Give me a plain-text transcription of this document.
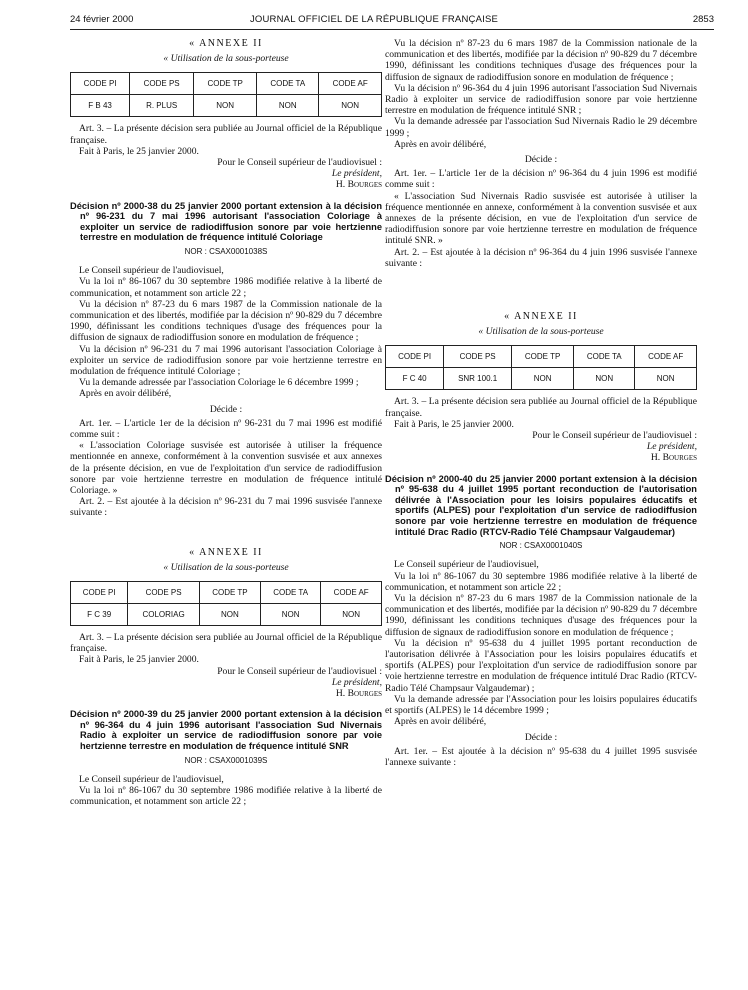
24 février 2000	JOURNAL OFFICIEL DE LA RÉPUBLIQUE FRANÇAISE	2853
« ANNEXE II
« Utilisation de la sous-porteuse
CODE PI	CODE PS	CODE TP	CODE TA	CODE AF
F B 43	R. PLUS	NON	NON	NON

Art. 3. – La présente décision sera publiée au Journal officiel de la République française.

Fait à Paris, le 25 janvier 2000.

Pour le Conseil supérieur de l'audiovisuel :
Le président,
H. Bourges
Décision nº 2000-38 du 25 janvier 2000 portant extension à la décision nº 96-231 du 7 mai 1996 autorisant l'association Coloriage à exploiter un service de radiodiffusion sonore par voie hertzienne terrestre en modulation de fréquence intitulé Coloriage
NOR : CSAX0001038S

Le Conseil supérieur de l'audiovisuel,

Vu la loi nº 86-1067 du 30 septembre 1986 modifiée relative à la liberté de communication, et notamment son article 22 ;

Vu la décision nº 87-23 du 6 mars 1987 de la Commission nationale de la communication et des libertés, modifiée par la décision nº 90-829 du 7 décembre 1990, définissant les conditions techniques d'usage des fréquences pour la diffusion de signaux de radiodiffusion sonore en modulation de fréquence ;

Vu la décision nº 96-231 du 7 mai 1996 autorisant l'association Coloriage à exploiter un service de radiodiffusion sonore par voie hertzienne terrestre en modulation de fréquence intitulé Coloriage ;

Vu la demande adressée par l'association Coloriage le 6 décembre 1999 ;

Après en avoir délibéré,

Décide :

Art. 1er. – L'article 1er de la décision nº 96-231 du 7 mai 1996 est modifié comme suit :

« L'association Coloriage susvisée est autorisée à utiliser la fréquence mentionnée en annexe, conformément à la convention susvisée et aux annexes de la présente décision, en vue de l'exploitation d'un service de radiodiffusion sonore par voie hertzienne terrestre en modulation de fréquence intitulé Coloriage. »

Art. 2. – Est ajoutée à la décision nº 96-231 du 7 mai 1996 susvisée l'annexe suivante :

« ANNEXE II
« Utilisation de la sous-porteuse
CODE PI	CODE PS	CODE TP	CODE TA	CODE AF
F C 39	COLORIAG	NON	NON	NON

Art. 3. – La présente décision sera publiée au Journal officiel de la République française.

Fait à Paris, le 25 janvier 2000.

Pour le Conseil supérieur de l'audiovisuel :
Le président,
H. Bourges
Décision nº 2000-39 du 25 janvier 2000 portant extension à la décision nº 96-364 du 4 juin 1996 autorisant l'association Sud Nivernais Radio à exploiter un service de radiodiffusion sonore par voie hertzienne terrestre en modulation de fréquence intitulé SNR
NOR : CSAX0001039S

Le Conseil supérieur de l'audiovisuel,

Vu la loi nº 86-1067 du 30 septembre 1986 modifiée relative à la liberté de communication, et notamment son article 22 ;

Vu la décision nº 87-23 du 6 mars 1987 de la Commission nationale de la communication et des libertés, modifiée par la décision nº 90-829 du 7 décembre 1990, définissant les conditions techniques d'usage des fréquences pour la diffusion de signaux de radiodiffusion sonore en modulation de fréquence ;

Vu la décision nº 96-364 du 4 juin 1996 autorisant l'association Sud Nivernais Radio à exploiter un service de radiodiffusion sonore par voie hertzienne terrestre en modulation de fréquence intitulé SNR ;

Vu la demande adressée par l'association Sud Nivernais Radio le 29 décembre 1999 ;

Après en avoir délibéré,

Décide :

Art. 1er. – L'article 1er de la décision nº 96-364 du 4 juin 1996 est modifié comme suit :

« L'association Sud Nivernais Radio susvisée est autorisée à utiliser la fréquence mentionnée en annexe, conformément à la convention susvisée et aux annexes de la présente décision, en vue de l'exploitation d'un service de radiodiffusion sonore par voie hertzienne terrestre en modulation de fréquence intitulé SNR. »

Art. 2. – Est ajoutée à la décision nº 96-364 du 4 juin 1996 susvisée l'annexe suivante :

« ANNEXE II
« Utilisation de la sous-porteuse
CODE PI	CODE PS	CODE TP	CODE TA	CODE AF
F C 40	SNR 100.1	NON	NON	NON

Art. 3. – La présente décision sera publiée au Journal officiel de la République française.

Fait à Paris, le 25 janvier 2000.

Pour le Conseil supérieur de l'audiovisuel :
Le président,
H. Bourges
Décision nº 2000-40 du 25 janvier 2000 portant extension à la décision nº 95-638 du 4 juillet 1995 portant reconduction de l'autorisation délivrée à l'Association pour les loisirs populaires éducatifs et sportifs (ALPES) pour l'exploitation d'un service de radiodiffusion sonore par voie hertzienne terrestre en modulation de fréquence intitulé Drac Radio (RTCV-Radio Télé Champsaur Valgaudemar)
NOR : CSAX0001040S

Le Conseil supérieur de l'audiovisuel,

Vu la loi nº 86-1067 du 30 septembre 1986 modifiée relative à la liberté de communication, et notamment son article 22 ;

Vu la décision nº 87-23 du 6 mars 1987 de la Commission nationale de la communication et des libertés, modifiée par la décision nº 90-829 du 7 décembre 1990, définissant les conditions techniques d'usage des fréquences pour la diffusion de signaux de radiodiffusion sonore en modulation de fréquence ;

Vu la décision nº 95-638 du 4 juillet 1995 portant reconduction de l'autorisation délivrée à l'Association pour les loisirs populaires éducatifs et sportifs (ALPES) pour l'exploitation d'un service de radiodiffusion sonore par voie hertzienne terrestre en modulation de fréquence intitulé Drac Radio (RTCV-Radio Télé Champsaur Valgaudemar) ;

Vu la demande adressée par l'Association pour les loisirs populaires éducatifs et sportifs (ALPES) le 14 décembre 1999 ;

Après en avoir délibéré,

Décide :

Art. 1er. – Est ajoutée à la décision nº 95-638 du 4 juillet 1995 susvisée l'annexe suivante :
